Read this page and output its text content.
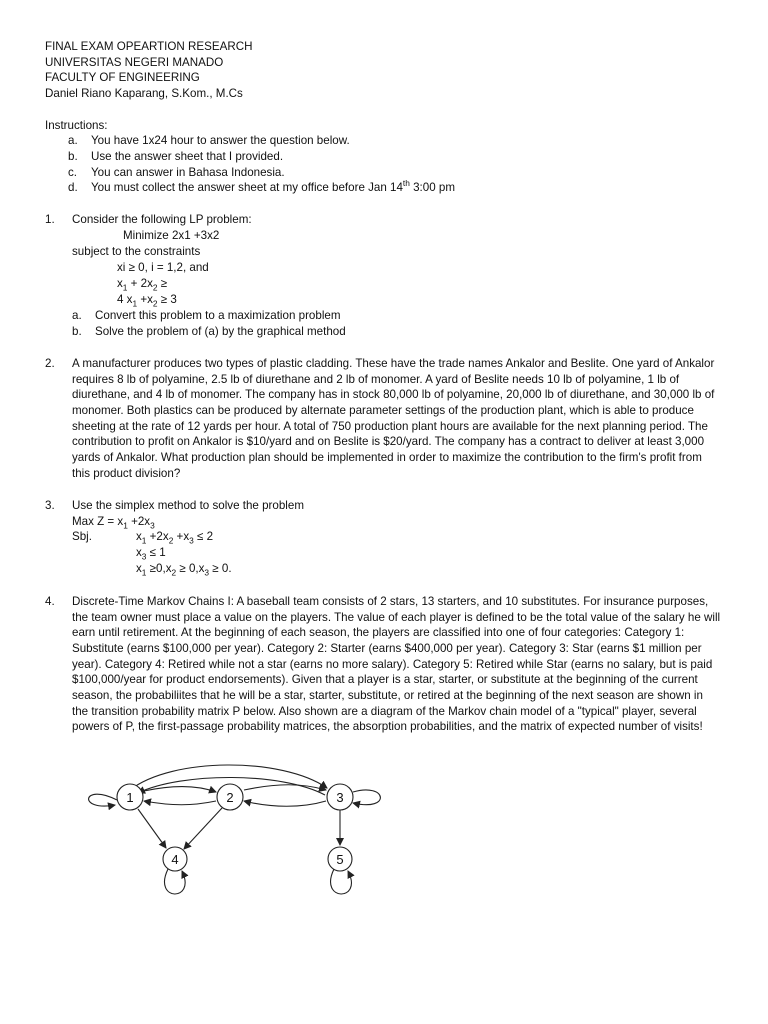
FINAL EXAM OPEARTION RESEARCH
UNIVERSITAS NEGERI MANADO
FACULTY OF ENGINEERING
Daniel Riano Kaparang, S.Kom., M.Cs
Instructions:
a. You have 1x24 hour to answer the question below.
b. Use the answer sheet that I provided.
c. You can answer in Bahasa Indonesia.
d. You must collect the answer sheet at my office before Jan 14th 3:00 pm
1. Consider the following LP problem:
Minimize 2x1 +3x2
subject to the constraints
xi ≥ 0, i = 1,2, and
$x_1 + 2x_2$ ≥
4 $x_1 +x_2 \ge 3$
a. Convert this problem to a maximization problem
b. Solve the problem of (a) by the graphical method
2. A manufacturer produces two types of plastic cladding. These have the trade names Ankalor and Beslite. One yard of Ankalor requires 8 lb of polyamine, 2.5 lb of diurethane and 2 lb of monomer. A yard of Beslite needs 10 lb of polyamine, 1 lb of diurethane, and 4 lb of monomer. The company has in stock 80,000 lb of polyamine, 20,000 lb of diurethane, and 30,000 lb of monomer. Both plastics can be produced by alternate parameter settings of the production plant, which is able to produce sheeting at the rate of 12 yards per hour. A total of 750 production plant hours are available for the next planning period. The contribution to profit on Ankalor is $10/yard and on Beslite is $20/yard. The company has a contract to deliver at least 3,000 yards of Ankalor. What production plan should be implemented in order to maximize the contribution to the firm's profit from this product division?
3. Use the simplex method to solve the problem
Max $Z = x_1 +2x_3$
Sbj.	$x_1 +2x_2 +x_3 \le 2$
$x_3 \le 1$
$x_1 \ge 0,x_2 \ge 0,x_3 \ge 0$.
4. Discrete-Time Markov Chains I: A baseball team consists of 2 stars, 13 starters, and 10 substitutes. For insurance purposes, the team owner must place a value on the players. The value of each player is defined to be the total value of the salary he will earn until retirement. At the beginning of each season, the players are classified into one of four categories: Category 1: Substitute (earns $100,000 per year). Category 2: Starter (earns $400,000 per year). Category 3: Star (earns $1 million per year). Category 4: Retired while not a star (earns no more salary). Category 5: Retired while Star (earns no salary, but is paid $100,000/year for product endorsements). Given that a player is a star, starter, or substitute at the beginning of the current season, the probabiliites that he will be a star, starter, substitute, or retired at the beginning of the next season are shown in the transition probability matrix P below. Also shown are a diagram of the Markov chain model of a "typical" player, several powers of P, the first-passage probability matrices, the absorption probabilities, and the matrix of expected number of visits!
1	2	3
4	5
